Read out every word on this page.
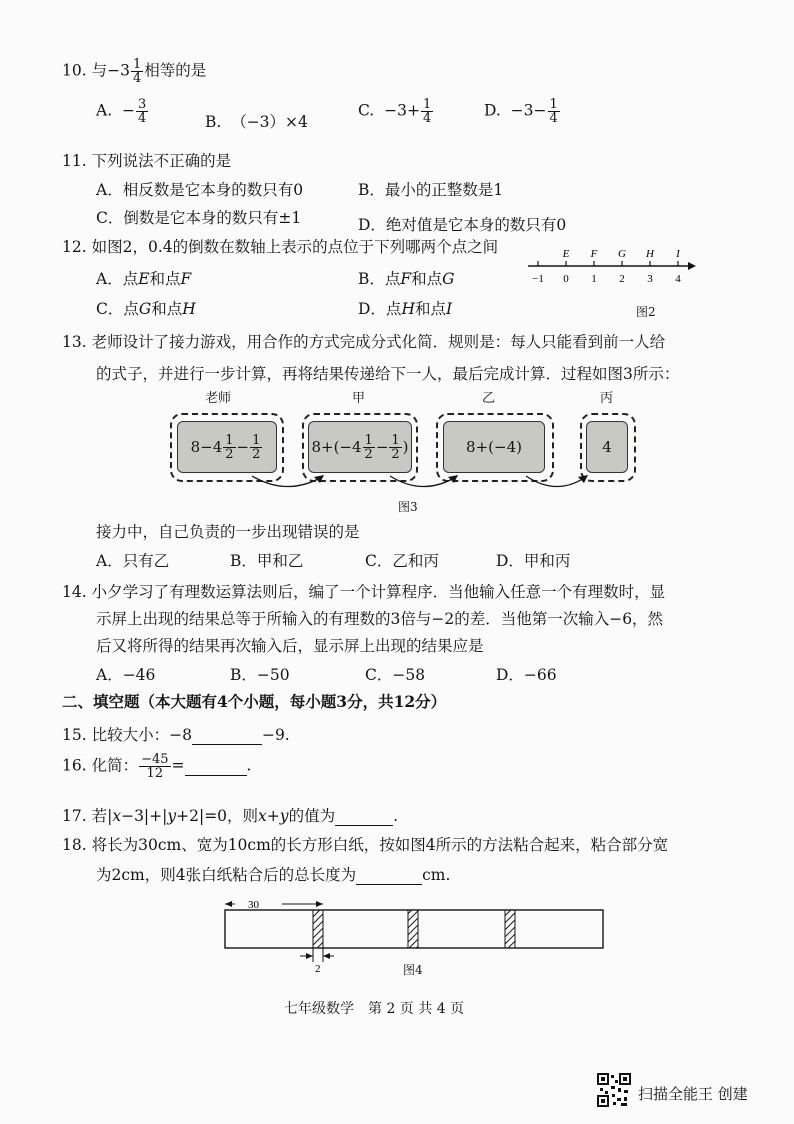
10. 与$-3 \frac{1}{4}$ 相等的是
A. − $\frac{3}{4}$	B. （−3）×4
C. $-3+ \frac{1}{4}$	D. $-3- \frac{1}{4}$
11. 下列说法不正确的是
A．相反数是它本身的数只有0	B．最小的正整数是1
C．倒数是它本身的数只有±1	D．绝对值是它本身的数只有0
12. 如图2，0.4的倒数在数轴上表示的点位于下列哪两个点之间
A．点E和点F	B．点F和点G
C．点G和点H	D．点H和点I
E F G H I
−1 0 1 2 3 4
图2
13. 老师设计了接力游戏，用合作的方式完成分式化简．规则是：每人只能看到前一人给
的式子，并进行一步计算，再将结果传递给下一人，最后完成计算．过程如图3所示：
老师	甲	乙	丙
$8-4 \frac{1}{2} - \frac{1}{2}$	$8+(-4 \frac{1}{2} - \frac{1}{2}$ )	8+(−4)	4
图3
接力中，自己负责的一步出现错误的是
A．只有乙	B．甲和乙	C．乙和丙	D．甲和丙
14. 小夕学习了有理数运算法则后，编了一个计算程序．当他输入任意一个有理数时，显
示屏上出现的结果总等于所输入的有理数的3倍与−2的差．当他第一次输入−6，然
后又将所得的结果再次输入后，显示屏上出现的结果应是
A．−46	B．−50	C．−58	D．−66
二、填空题（本大题有4个小题，每小题3分，共12分）
15. 比较大小：−8	−9.
16. 化简： $\frac{-45}{12}$ =	.
17. 若|x−3|+|y+2|=0，则x+y的值为	.
18. 将长为30cm、宽为10cm的长方形白纸，按如图4所示的方法粘合起来，粘合部分宽
为2cm，则4张白纸粘合后的总长度为	cm.
30
2	图4
七年级数学　第 2 页 共 4 页
扫描全能王 创建
